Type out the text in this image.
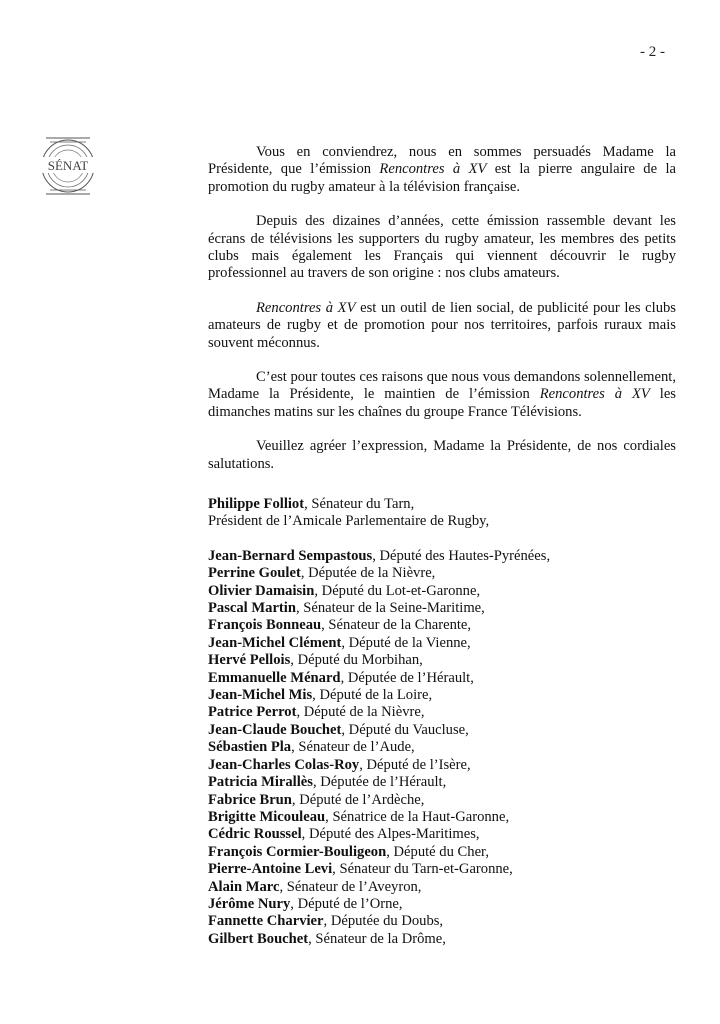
- 2 -
SÉNAT

Vous en conviendrez, nous en sommes persuadés Madame la Présidente, que l’émission Rencontres à XV est la pierre angulaire de la promotion du rugby amateur à la télévision française.

Depuis des dizaines d’années, cette émission rassemble devant les écrans de télévisions les supporters du rugby amateur, les membres des petits clubs mais également les Français qui viennent découvrir le rugby professionnel au travers de son origine : nos clubs amateurs.

Rencontres à XV est un outil de lien social, de publicité pour les clubs amateurs de rugby et de promotion pour nos territoires, parfois ruraux mais souvent méconnus.

C’est pour toutes ces raisons que nous vous demandons solennellement, Madame la Présidente, le maintien de l’émission Rencontres à XV les dimanches matins sur les chaînes du groupe France Télévisions.

Veuillez agréer l’expression, Madame la Présidente, de nos cordiales salutations.

Philippe Folliot, Sénateur du Tarn,
Président de l’Amicale Parlementaire de Rugby,
Jean-Bernard Sempastous, Député des Hautes-Pyrénées,
Perrine Goulet, Députée de la Nièvre,
Olivier Damaisin, Député du Lot-et-Garonne,
Pascal Martin, Sénateur de la Seine-Maritime,
François Bonneau, Sénateur de la Charente,
Jean-Michel Clément, Député de la Vienne,
Hervé Pellois, Député du Morbihan,
Emmanuelle Ménard, Députée de l’Hérault,
Jean-Michel Mis, Député de la Loire,
Patrice Perrot, Député de la Nièvre,
Jean-Claude Bouchet, Député du Vaucluse,
Sébastien Pla, Sénateur de l’Aude,
Jean-Charles Colas-Roy, Député de l’Isère,
Patricia Mirallès, Députée de l’Hérault,
Fabrice Brun, Député de l’Ardèche,
Brigitte Micouleau, Sénatrice de la Haut-Garonne,
Cédric Roussel, Député des Alpes-Maritimes,
François Cormier-Bouligeon, Député du Cher,
Pierre-Antoine Levi, Sénateur du Tarn-et-Garonne,
Alain Marc, Sénateur de l’Aveyron,
Jérôme Nury, Député de l’Orne,
Fannette Charvier, Députée du Doubs,
Gilbert Bouchet, Sénateur de la Drôme,
